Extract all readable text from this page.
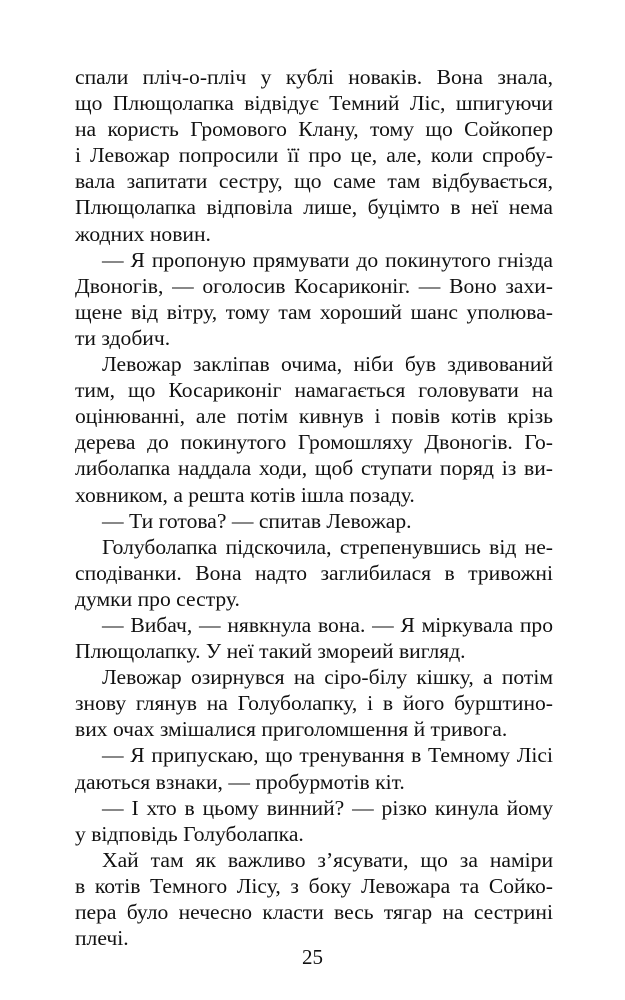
спали пліч-о-пліч у кублі новаків. Вона знала,
що Плющолапка відвідує Темний Ліс, шпигуючи
на користь Громового Клану, тому що Сойкопер
і Левожар попросили її про це, але, коли спробу-
вала запитати сестру, що саме там відбувається,
Плющолапка відповіла лише, буцімто в неї нема
жодних новин.
— Я пропоную прямувати до покинутого гнізда
Двоногів, — оголосив Косариконіг. — Воно захи-
щене від вітру, тому там хороший шанс уполюва-
ти здобич.
Левожар закліпав очима, ніби був здивований
тим, що Косариконіг намагається головувати на
оцінюванні, але потім кивнув і повів котів крізь
дерева до покинутого Громошляху Двоногів. Го-
либолапка наддала ходи, щоб ступати поряд із ви-
ховником, а решта котів ішла позаду.
— Ти готова? — спитав Левожар.
Голуболапка підскочила, стрепенувшись від не-
сподіванки. Вона надто заглибилася в тривожні
думки про сестру.
— Вибач, — нявкнула вона. — Я міркувала про
Плющолапку. У неї такий змореий вигляд.
Левожар озирнувся на сіро-білу кішку, а потім
знову глянув на Голуболапку, і в його бурштино-
вих очах змішалися приголомшення й тривога.
— Я припускаю, що тренування в Темному Лісі
даються взнаки, — пробурмотів кіт.
— І хто в цьому винний? — різко кинула йому
у відповідь Голуболапка.
Хай там як важливо з’ясувати, що за наміри
в котів Темного Лісу, з боку Левожара та Сойко-
пера було нечесно класти весь тягар на сестрині
плечі.
25
